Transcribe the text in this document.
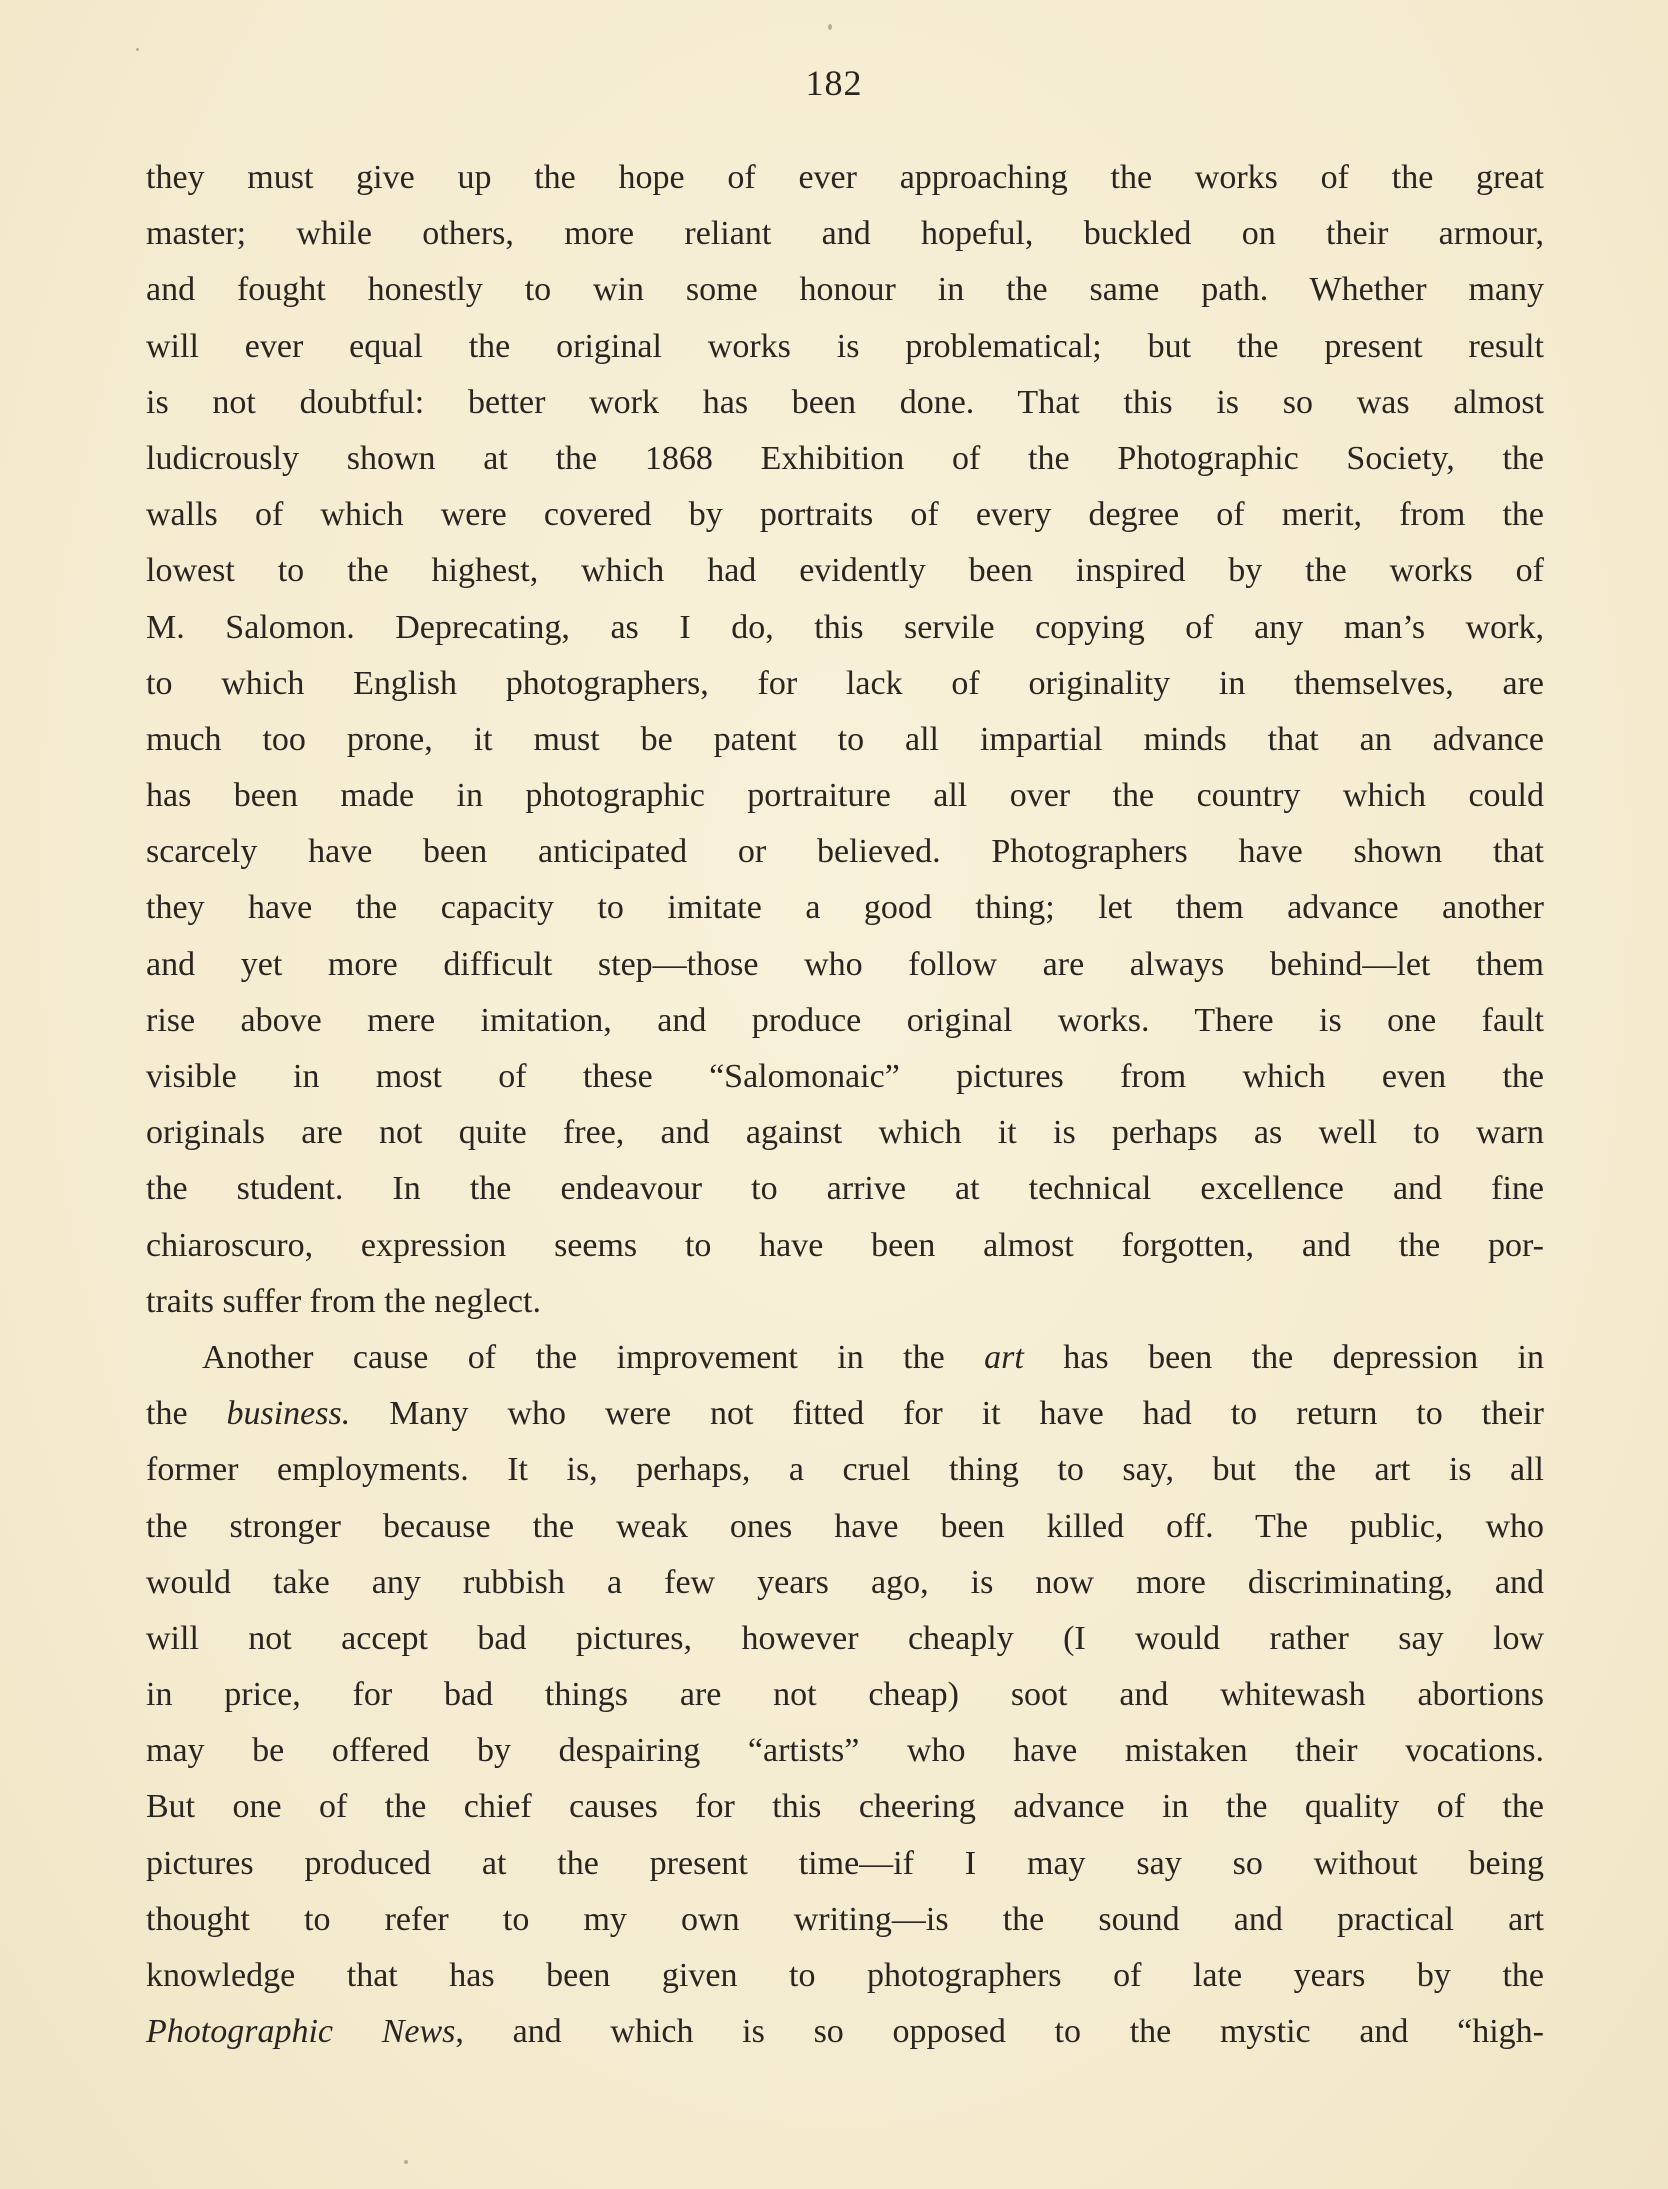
182
they must give up the hope of ever approaching the works of the great
master; while others, more reliant and hopeful, buckled on their armour,
and fought honestly to win some honour in the same path. Whether many
will ever equal the original works is problematical; but the present result
is not doubtful: better work has been done. That this is so was almost
ludicrously shown at the 1868 Exhibition of the Photographic Society, the
walls of which were covered by portraits of every degree of merit, from the
lowest to the highest, which had evidently been inspired by the works of
M. Salomon. Deprecating, as I do, this servile copying of any man’s work,
to which English photographers, for lack of originality in themselves, are
much too prone, it must be patent to all impartial minds that an advance
has been made in photographic portraiture all over the country which could
scarcely have been anticipated or believed. Photographers have shown that
they have the capacity to imitate a good thing; let them advance another
and yet more difficult step—those who follow are always behind—let them
rise above mere imitation, and produce original works. There is one fault
visible in most of these “Salomonaic” pictures from which even the
originals are not quite free, and against which it is perhaps as well to warn
the student. In the endeavour to arrive at technical excellence and fine
chiaroscuro, expression seems to have been almost forgotten, and the por-
traits suffer from the neglect.
Another cause of the improvement in the art has been the depression in
the business. Many who were not fitted for it have had to return to their
former employments. It is, perhaps, a cruel thing to say, but the art is all
the stronger because the weak ones have been killed off. The public, who
would take any rubbish a few years ago, is now more discriminating, and
will not accept bad pictures, however cheaply (I would rather say low
in price, for bad things are not cheap) soot and whitewash abortions
may be offered by despairing “artists” who have mistaken their vocations.
But one of the chief causes for this cheering advance in the quality of the
pictures produced at the present time—if I may say so without being
thought to refer to my own writing—is the sound and practical art
knowledge that has been given to photographers of late years by the
Photographic News, and which is so opposed to the mystic and “high-
